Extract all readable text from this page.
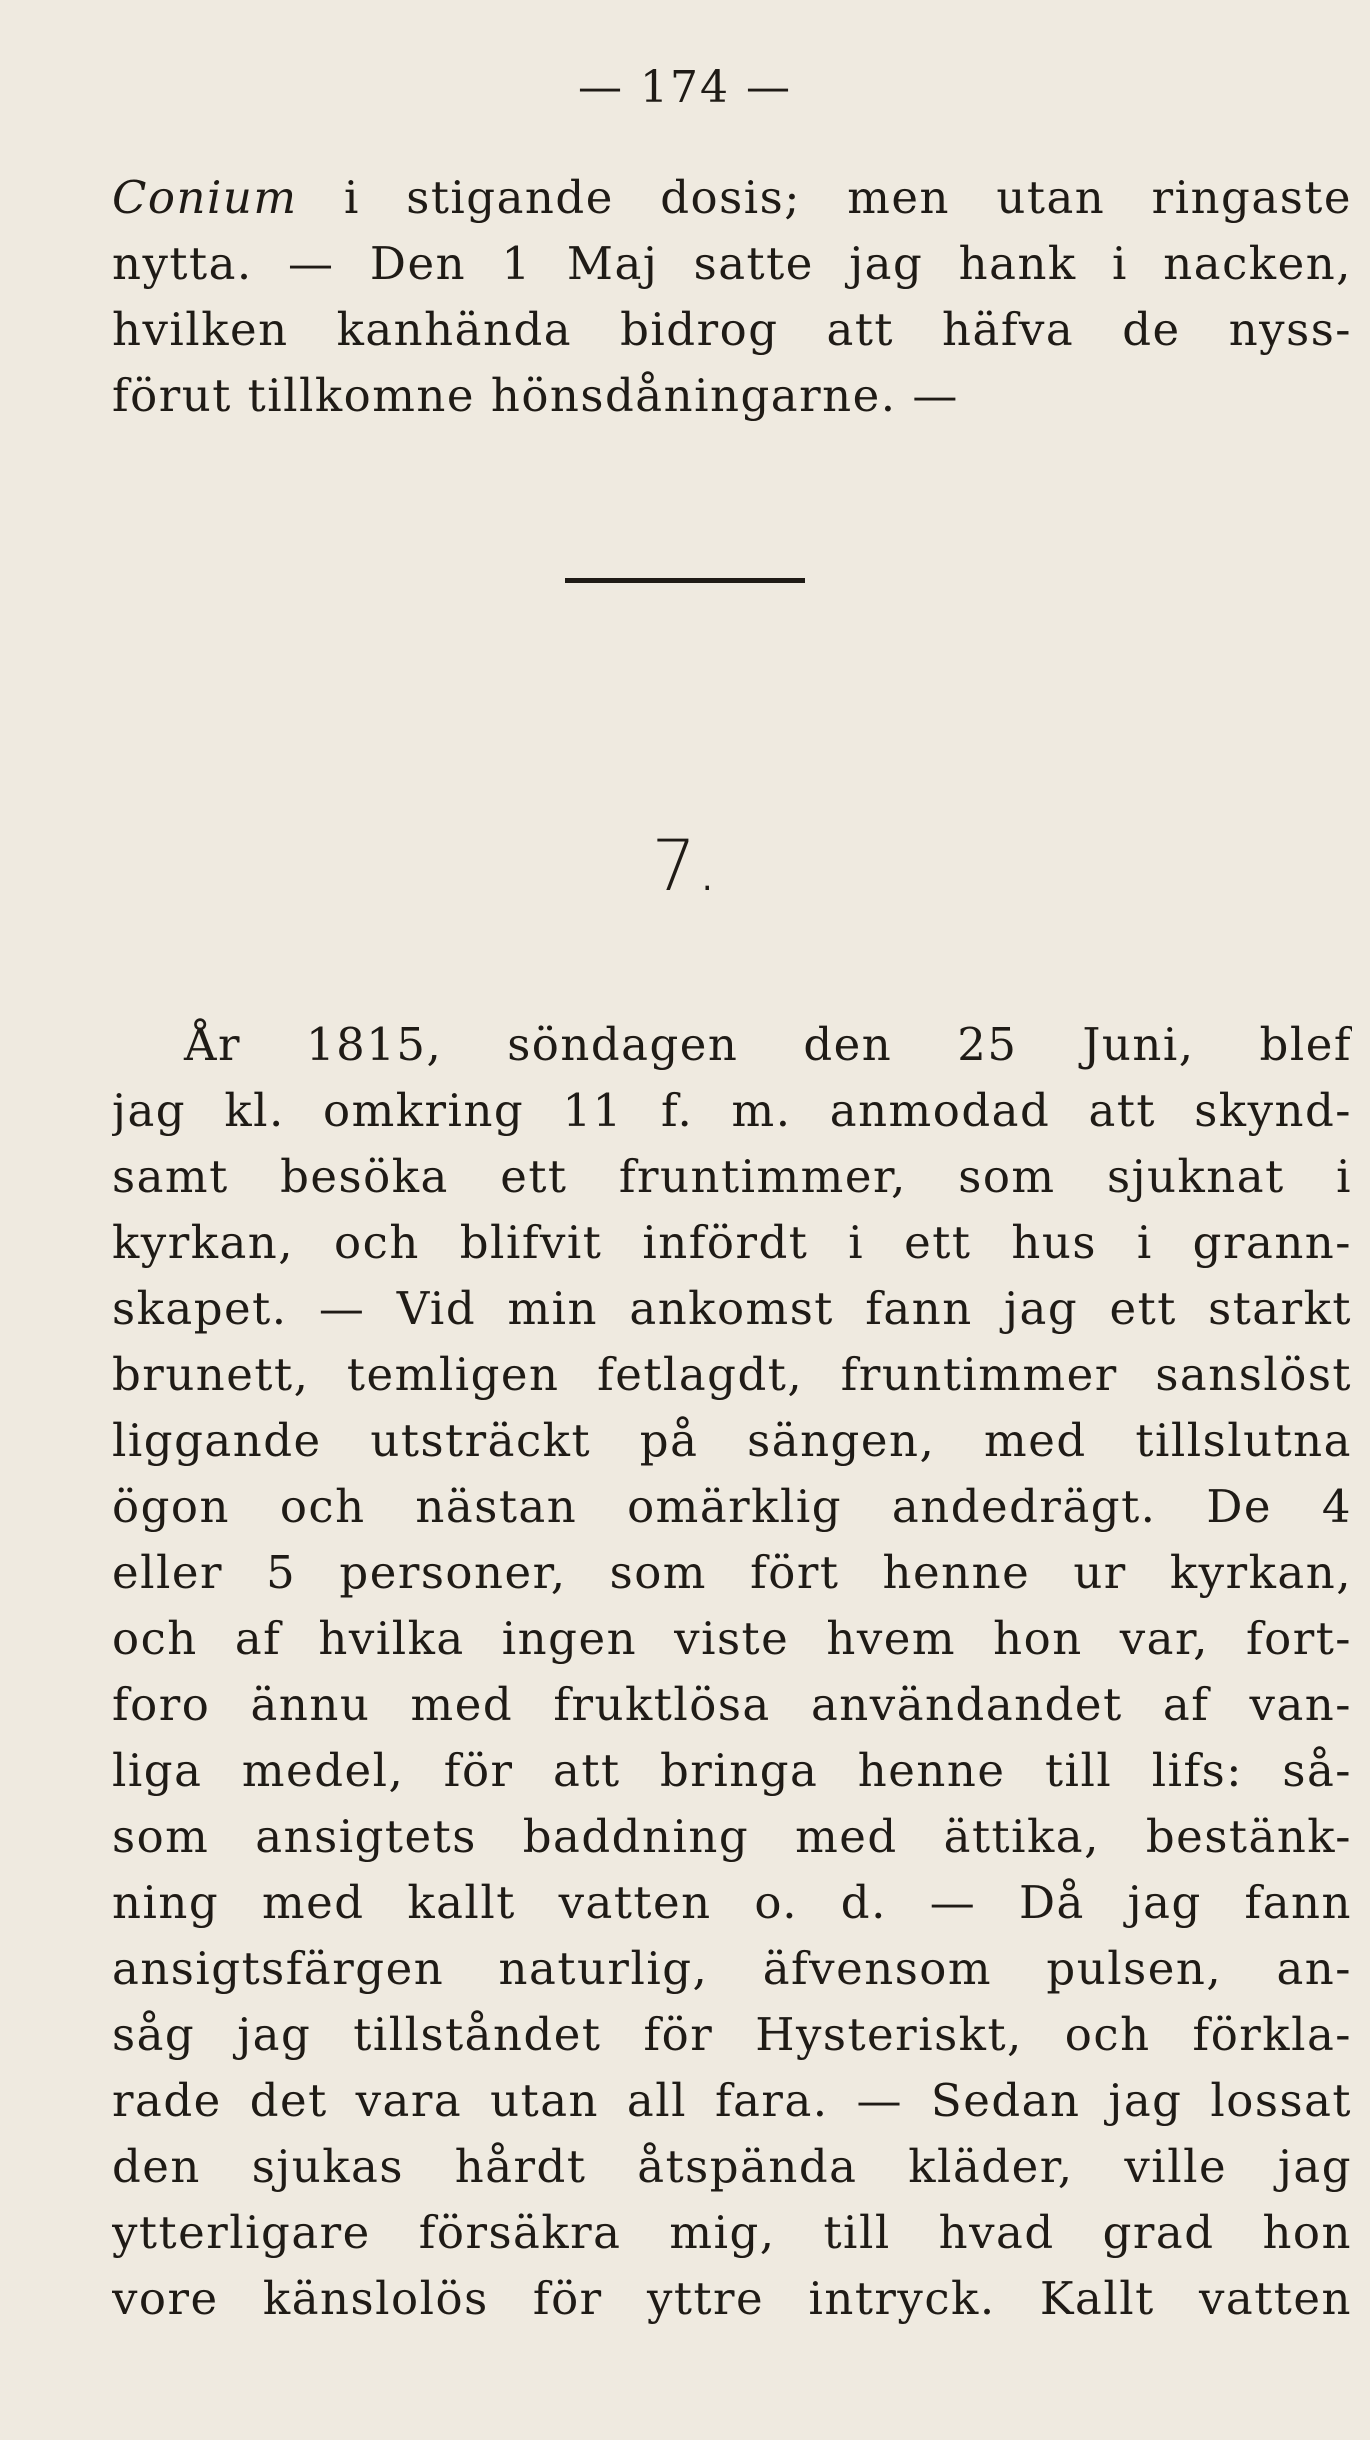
— 174 —
Conium i stigande dosis; men utan ringaste
nytta. — Den 1 Maj satte jag hank i nacken,
hvilken kanhända bidrog att häfva de nyss-
förut tillkomne hönsdåningarne. —
7.
År 1815, söndagen den 25 Juni, blef
jag kl. omkring 11 f. m. anmodad att skynd-
samt besöka ett fruntimmer, som sjuknat i
kyrkan, och blifvit infördt i ett hus i grann-
skapet. — Vid min ankomst fann jag ett starkt
brunett, temligen fetlagdt, fruntimmer sanslöst
liggande utsträckt på sängen, med tillslutna
ögon och nästan omärklig andedrägt. De 4
eller 5 personer, som fört henne ur kyrkan,
och af hvilka ingen viste hvem hon var, fort-
foro ännu med fruktlösa användandet af van-
liga medel, för att bringa henne till lifs: så-
som ansigtets baddning med ättika, bestänk-
ning med kallt vatten o. d. — Då jag fann
ansigtsfärgen naturlig, äfvensom pulsen, an-
såg jag tillståndet för Hysteriskt, och förkla-
rade det vara utan all fara. — Sedan jag lossat
den sjukas hårdt åtspända kläder, ville jag
ytterligare försäkra mig, till hvad grad hon
vore känslolös för yttre intryck. Kallt vatten
